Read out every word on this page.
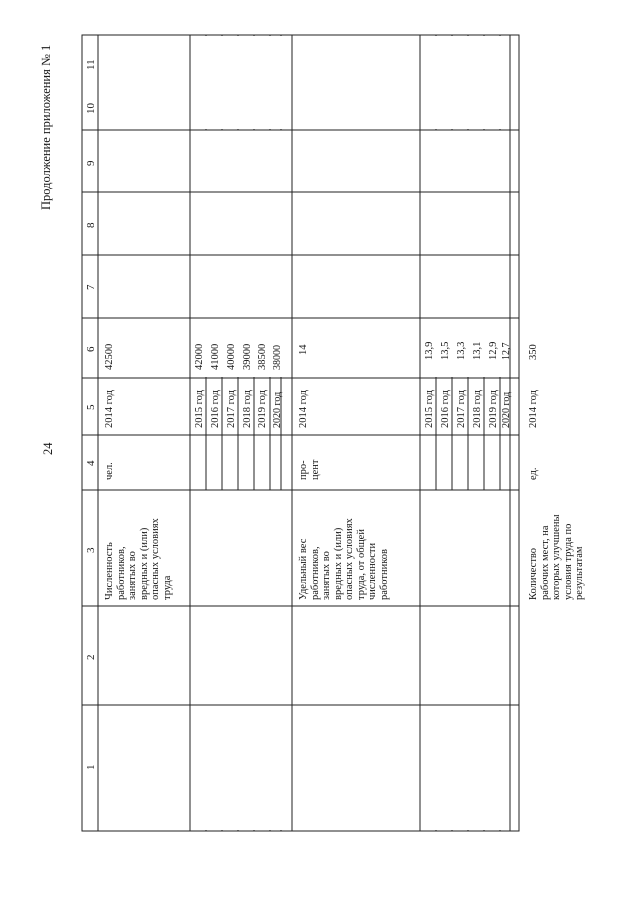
Продолжение приложения № 1
24
11
10
9
8
7
6
5
4
3
2
1
Численность
работников,
занятых во
вредных и (или)
опасных условиях
труда
чел.
2014 год
42500
2015 год
42000
2016 год
41000
2017 год
40000
2018 год
39000
2019 год
38500
2020 год
38000
Удельный вес
работников,
занятых во
вредных и (или)
опасных условиях
труда, от общей
численности
работников
про-
цент
2014 год
14
2015 год
13,9
2016 год
13,5
2017 год
13,3
2018 год
13,1
2019 год
12,9
2020 год
12,7
Количество
рабочих мест, на
которых улучшены
условия труда по
результатам
ед.
2014 год
350
